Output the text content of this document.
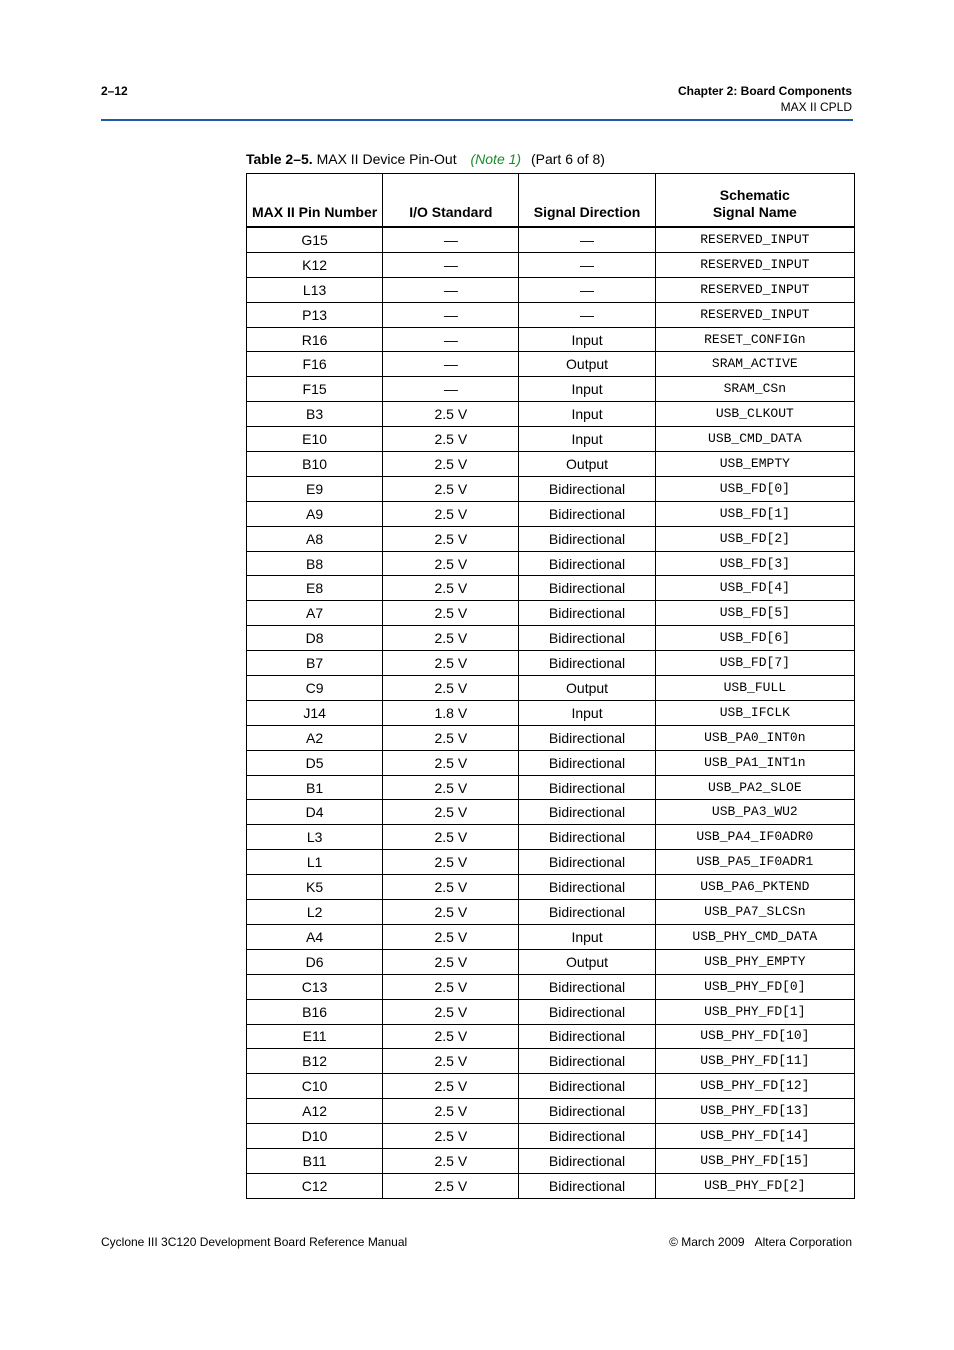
2–12	Chapter 2: Board Components
MAX II CPLD
Table 2–5. MAX II Device Pin-Out (Note 1) (Part 6 of 8)
MAX II Pin Number	I/O Standard	Signal Direction	Schematic Signal Name
G15	—	—	RESERVED_INPUT
K12	—	—	RESERVED_INPUT
L13	—	—	RESERVED_INPUT
P13	—	—	RESERVED_INPUT
R16	—	Input	RESET_CONFIGn
F16	—	Output	SRAM_ACTIVE
F15	—	Input	SRAM_CSn
B3	2.5 V	Input	USB_CLKOUT
E10	2.5 V	Input	USB_CMD_DATA
B10	2.5 V	Output	USB_EMPTY
E9	2.5 V	Bidirectional	USB_FD[0]
A9	2.5 V	Bidirectional	USB_FD[1]
A8	2.5 V	Bidirectional	USB_FD[2]
B8	2.5 V	Bidirectional	USB_FD[3]
E8	2.5 V	Bidirectional	USB_FD[4]
A7	2.5 V	Bidirectional	USB_FD[5]
D8	2.5 V	Bidirectional	USB_FD[6]
B7	2.5 V	Bidirectional	USB_FD[7]
C9	2.5 V	Output	USB_FULL
J14	1.8 V	Input	USB_IFCLK
A2	2.5 V	Bidirectional	USB_PA0_INT0n
D5	2.5 V	Bidirectional	USB_PA1_INT1n
B1	2.5 V	Bidirectional	USB_PA2_SLOE
D4	2.5 V	Bidirectional	USB_PA3_WU2
L3	2.5 V	Bidirectional	USB_PA4_IF0ADR0
L1	2.5 V	Bidirectional	USB_PA5_IF0ADR1
K5	2.5 V	Bidirectional	USB_PA6_PKTEND
L2	2.5 V	Bidirectional	USB_PA7_SLCSn
A4	2.5 V	Input	USB_PHY_CMD_DATA
D6	2.5 V	Output	USB_PHY_EMPTY
C13	2.5 V	Bidirectional	USB_PHY_FD[0]
B16	2.5 V	Bidirectional	USB_PHY_FD[1]
E11	2.5 V	Bidirectional	USB_PHY_FD[10]
B12	2.5 V	Bidirectional	USB_PHY_FD[11]
C10	2.5 V	Bidirectional	USB_PHY_FD[12]
A12	2.5 V	Bidirectional	USB_PHY_FD[13]
D10	2.5 V	Bidirectional	USB_PHY_FD[14]
B11	2.5 V	Bidirectional	USB_PHY_FD[15]
C12	2.5 V	Bidirectional	USB_PHY_FD[2]
Cyclone III 3C120 Development Board Reference Manual	© March 2009 Altera Corporation
